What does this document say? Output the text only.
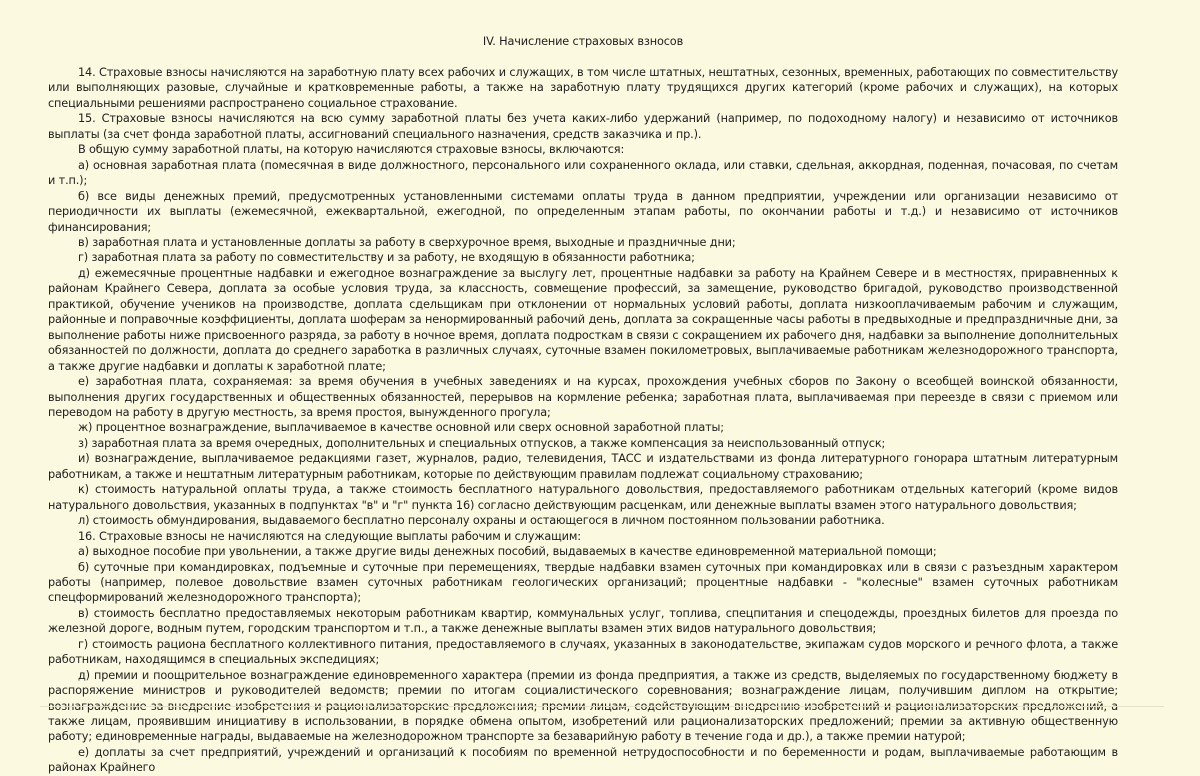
IV. Начисление страховых взносов

14. Страховые взносы начисляются на заработную плату всех рабочих и служащих, в том числе штатных, нештатных, сезонных, временных, работающих по совместительству или выполняющих разовые, случайные и кратковременные работы, а также на заработную плату трудящихся других категорий (кроме рабочих и служащих), на которых специальными решениями распространено социальное страхование.

15. Страховые взносы начисляются на всю сумму заработной платы без учета каких-либо удержаний (например, по подоходному налогу) и независимо от источников выплаты (за счет фонда заработной платы, ассигнований специального назначения, средств заказчика и пр.).

В общую сумму заработной платы, на которую начисляются страховые взносы, включаются:

а) основная заработная плата (помесячная в виде должностного, персонального или сохраненного оклада, или ставки, сдельная, аккордная, поденная, почасовая, по счетам и т.п.);

б) все виды денежных премий, предусмотренных установленными системами оплаты труда в данном предприятии, учреждении или организации независимо от периодичности их выплаты (ежемесячной, ежеквартальной, ежегодной, по определенным этапам работы, по окончании работы и т.д.) и независимо от источников финансирования;

в) заработная плата и установленные доплаты за работу в сверхурочное время, выходные и праздничные дни;

г) заработная плата за работу по совместительству и за работу, не входящую в обязанности работника;

д) ежемесячные процентные надбавки и ежегодное вознаграждение за выслугу лет, процентные надбавки за работу на Крайнем Севере и в местностях, приравненных к районам Крайнего Севера, доплата за особые условия труда, за классность, совмещение профессий, за замещение, руководство бригадой, руководство производственной практикой, обучение учеников на производстве, доплата сдельщикам при отклонении от нормальных условий работы, доплата низкооплачиваемым рабочим и служащим, районные и поправочные коэффициенты, доплата шоферам за ненормированный рабочий день, доплата за сокращенные часы работы в предвыходные и предпраздничные дни, за выполнение работы ниже присвоенного разряда, за работу в ночное время, доплата подросткам в связи с сокращением их рабочего дня, надбавки за выполнение дополнительных обязанностей по должности, доплата до среднего заработка в различных случаях, суточные взамен покилометровых, выплачиваемые работникам железнодорожного транспорта, а также другие надбавки и доплаты к заработной плате;

е) заработная плата, сохраняемая: за время обучения в учебных заведениях и на курсах, прохождения учебных сборов по Закону о всеобщей воинской обязанности, выполнения других государственных и общественных обязанностей, перерывов на кормление ребенка; заработная плата, выплачиваемая при переезде в связи с приемом или переводом на работу в другую местность, за время простоя, вынужденного прогула;

ж) процентное вознаграждение, выплачиваемое в качестве основной или сверх основной заработной платы;

з) заработная плата за время очередных, дополнительных и специальных отпусков, а также компенсация за неиспользованный отпуск;

и) вознаграждение, выплачиваемое редакциями газет, журналов, радио, телевидения, ТАСС и издательствами из фонда литературного гонорара штатным литературным работникам, а также и нештатным литературным работникам, которые по действующим правилам подлежат социальному страхованию;

к) стоимость натуральной оплаты труда, а также стоимость бесплатного натурального довольствия, предоставляемого работникам отдельных категорий (кроме видов натурального довольствия, указанных в подпунктах "в" и "г" пункта 16) согласно действующим расценкам, или денежные выплаты взамен этого натурального довольствия;

л) стоимость обмундирования, выдаваемого бесплатно персоналу охраны и остающегося в личном постоянном пользовании работника.

16. Страховые взносы не начисляются на следующие выплаты рабочим и служащим:

а) выходное пособие при увольнении, а также другие виды денежных пособий, выдаваемых в качестве единовременной материальной помощи;

б) суточные при командировках, подъемные и суточные при перемещениях, твердые надбавки взамен суточных при командировках или в связи с разъездным характером работы (например, полевое довольствие взамен суточных работникам геологических организаций; процентные надбавки - "колесные" взамен суточных работникам спецформирований железнодорожного транспорта);

в) стоимость бесплатно предоставляемых некоторым работникам квартир, коммунальных услуг, топлива, спецпитания и спецодежды, проездных билетов для проезда по железной дороге, водным путем, городским транспортом и т.п., а также денежные выплаты взамен этих видов натурального довольствия;

г) стоимость рациона бесплатного коллективного питания, предоставляемого в случаях, указанных в законодательстве, экипажам судов морского и речного флота, а также работникам, находящимся в специальных экспедициях;

д) премии и поощрительное вознаграждение единовременного характера (премии из фонда предприятия, а также из средств, выделяемых по государственному бюджету в распоряжение министров и руководителей ведомств; премии по итогам социалистического соревнования; вознаграждение лицам, получившим диплом на открытие; вознаграждение за внедрение изобретения и рационализаторские предложения; премии лицам, содействующим внедрению изобретений и рационализаторских предложений, а также лицам, проявившим инициативу в использовании, в порядке обмена опытом, изобретений или рационализаторских предложений; премии за активную общественную работу; единовременные награды, выдаваемые на железнодорожном транспорте за безаварийную работу в течение года и др.), а также премии натурой;

е) доплаты за счет предприятий, учреждений и организаций к пособиям по временной нетрудоспособности и по беременности и родам, выплачиваемые работающим в районах Крайнего
